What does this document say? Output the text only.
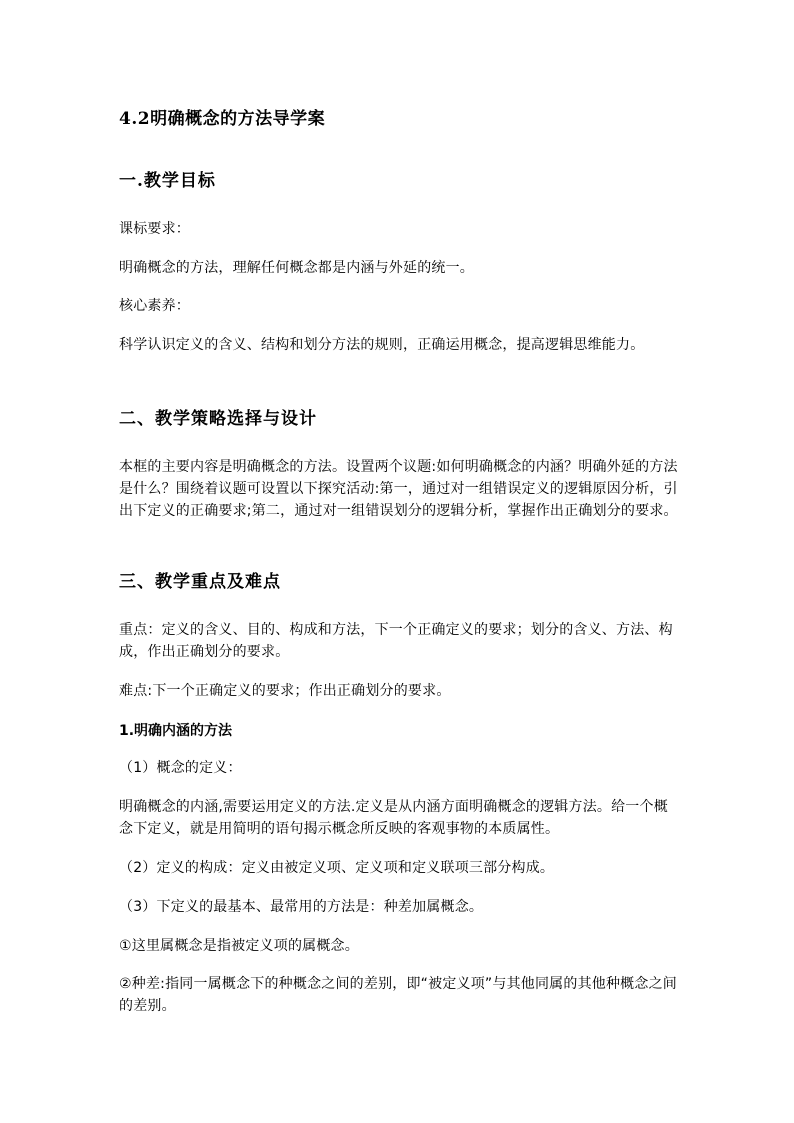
4.2明确概念的方法导学案
一.教学目标

课标要求：

明确概念的方法，理解任何概念都是内涵与外延的统一。

核心素养：

科学认识定义的含义、结构和划分方法的规则，正确运用概念，提高逻辑思维能力。

二、教学策略选择与设计

本框的主要内容是明确概念的方法。设置两个议题:如何明确概念的内涵？明确外延的方法是什么？围绕着议题可设置以下探究活动:第一，通过对一组错误定义的逻辑原因分析，引出下定义的正确要求;第二，通过对一组错误划分的逻辑分析，掌握作出正确划分的要求。

三、教学重点及难点

重点：定义的含义、目的、构成和方法，下一个正确定义的要求；划分的含义、方法、构成，作出正确划分的要求。

难点:下一个正确定义的要求；作出正确划分的要求。

1.明确内涵的方法

（1）概念的定义：

明确概念的内涵,需要运用定义的方法.定义是从内涵方面明确概念的逻辑方法。给一个概念下定义，就是用简明的语句揭示概念所反映的客观事物的本质属性。

（2）定义的构成：定义由被定义项、定义项和定义联项三部分构成。

（3）下定义的最基本、最常用的方法是：种差加属概念。

①这里属概念是指被定义项的属概念。

②种差:指同一属概念下的种概念之间的差别，即“被定义项”与其他同属的其他种概念之间的差别。
